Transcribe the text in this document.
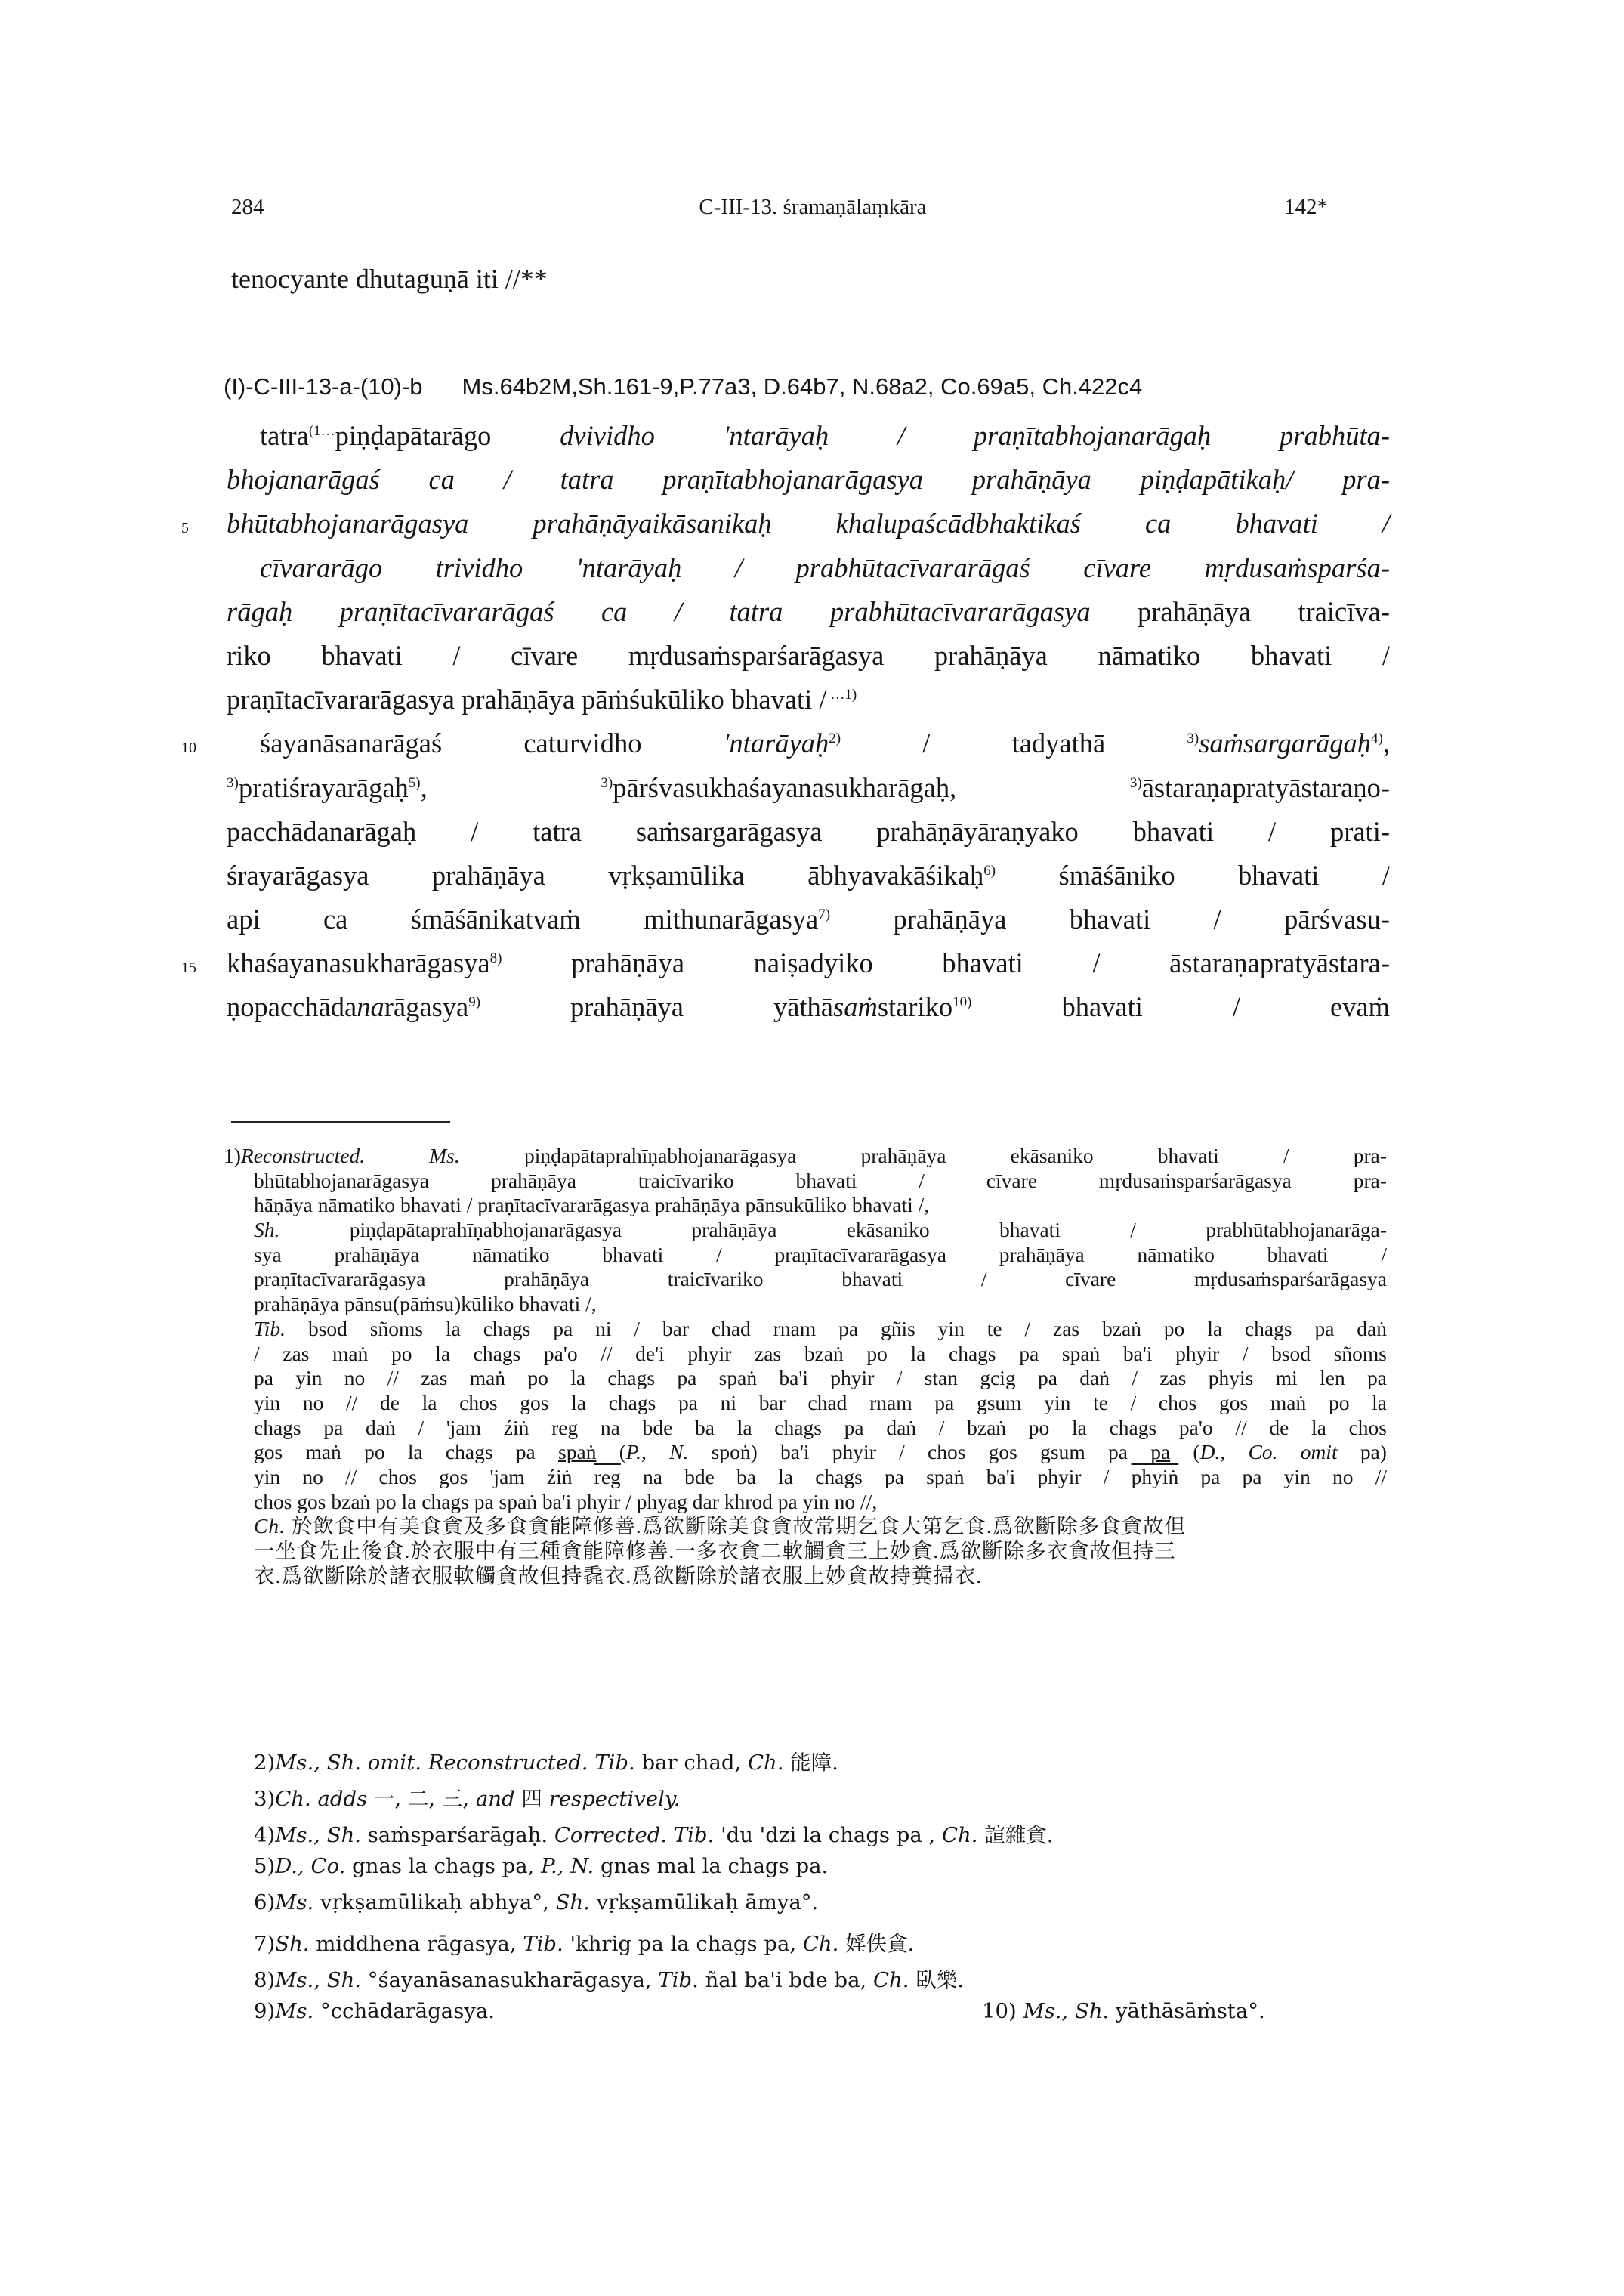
284	C-III-13. śramaṇālaṃkāra	142*
tenocyante dhutaguṇā iti //**
(I)-C-III-13-a-(10)-b Ms.64b2M,Sh.161-9,P.77a3, D.64b7, N.68a2, Co.69a5, Ch.422c4
tatra$^{(1\dots}$piṇḍapātarāgo dvividho 'ntarāyaḥ / praṇītabhojanarāgaḥ prabhūta-
bhojanarāgaś ca / tatra praṇītabhojanarāgasya prahāṇāya piṇḍapātikaḥ/ pra-
5 bhūtabhojanarāgasya prahāṇāyaikāsanikaḥ khalupaścādbhaktikaś ca bhavati /
cīvararāgo trividho 'ntarāyaḥ / prabhūtacīvararāgaś cīvare mṛdusaṁsparśa-
rāgaḥ praṇītacīvararāgaś ca / tatra prabhūtacīvararāgasya prahāṇāya traicīva-
riko bhavati / cīvare mṛdusaṁsparśarāgasya prahāṇāya nāmatiko bhavati /
praṇītacīvararāgasya prahāṇāya pāṁśukūliko bhavati / $^{\dots 1)}$
10 śayanāsanarāgaś caturvidho 'ntarāyaḥ$^{2)}$ / tadyathā $^{3)}$saṁsargarāgaḥ$^{4)}$,
$^{3)}$pratiśrayarāgaḥ$^{5)}$, $^{3)}$pārśvasukhaśayanasukharāgaḥ, $^{3)}$āstaraṇapratyāstaraṇo-
pacchādanarāgaḥ / tatra saṁsargarāgasya prahāṇāyāraṇyako bhavati / prati-
śrayarāgasya prahāṇāya vṛkṣamūlika ābhyavakāśikaḥ$^{6)}$ śmāśāniko bhavati /
api ca śmāśānikatvaṁ mithunarāgasya$^{7)}$ prahāṇāya bhavati / pārśvasu-
15 khaśayanasukharāgasya$^{8)}$ prahāṇāya naiṣadyiko bhavati / āstaraṇapratyāstara-
ṇopacchādanarāgasya$^{9)}$ prahāṇāya yāthāsaṁstariko$^{10)}$ bhavati / evaṁ
1)Reconstructed. Ms. piṇḍapātaprahīṇabhojanarāgasya prahāṇāya ekāsaniko bhavati / pra-
bhūtabhojanarāgasya prahāṇāya traicīvariko bhavati / cīvare mṛdusaṁsparśarāgasya pra-
hāṇāya nāmatiko bhavati / praṇītacīvararāgasya prahāṇāya pānsukūliko bhavati /,
Sh. piṇḍapātaprahīṇabhojanarāgasya prahāṇāya ekāsaniko bhavati / prabhūtabhojanarāga-
sya prahāṇāya nāmatiko bhavati / praṇītacīvararāgasya prahāṇāya nāmatiko bhavati /
praṇītacīvararāgasya prahāṇāya traicīvariko bhavati / cīvare mṛdusaṁsparśarāgasya
prahāṇāya pānsu(pāṁsu)kūliko bhavati /,
Tib. bsod sñoms la chags pa ni / bar chad rnam pa gñis yin te / zas bzaṅ po la chags pa daṅ
/ zas maṅ po la chags pa'o // de'i phyir zas bzaṅ po la chags pa spaṅ ba'i phyir / bsod sñoms
pa yin no // zas maṅ po la chags pa spaṅ ba'i phyir / stan gcig pa daṅ / zas phyis mi len pa
yin no // de la chos gos la chags pa ni bar chad rnam pa gsum yin te / chos gos maṅ po la
chags pa daṅ / 'jam źiṅ reg na bde ba la chags pa daṅ / bzaṅ po la chags pa'o // de la chos
gos maṅ po la chags pa spaṅ (P., N. spoṅ) ba'i phyir / chos gos gsum pa pa (D., Co. omit pa)
yin no // chos gos 'jam źiṅ $\overline{reg}$ na bde ba la chags pa spaṅ ba'i phyir / phyiṅ pa pa yin no //
chos gos bzaṅ po la chags pa spaṅ ba'i phyir / phyag dar khrod pa yin no //,
Ch. 於飲食中有美食貪及多食貪能障修善.爲欲斷除美食貪故常期乞食大第乞食.爲欲斷除多食貪故但
一坐食先止後食.於衣服中有三種貪能障修善.一多衣貪二軟觸貪三上妙貪.爲欲斷除多衣貪故但持三
衣.爲欲斷除於諸衣服軟觸貪故但持毳衣.爲欲斷除於諸衣服上妙貪故持糞掃衣.
2)Ms., Sh. omit. Reconstructed. Tib. bar chad, Ch. 能障.
3)Ch. adds 一, 二, 三, and 四 respectively.
4)Ms., Sh. saṁsparśarāgaḥ. Corrected. Tib. 'du 'dzi la chags pa , Ch. 諠雜貪.
5)D., Co. gnas la chags pa, P., N. gnas mal la chags pa.
6)Ms. vṛkṣamūlikaḥ abhya°, Sh. vṛkṣamūlikaḥ āmya°.
7)Sh. middhena rāgasya, Tib. 'khrig pa la chags pa, Ch. 婬佚貪.
8)Ms., Sh. °śayanāsanasukharāgasya, Tib. ñal ba'i bde ba, Ch. 臥樂.
9)Ms. °cchādarāgasya.	10) Ms., Sh. yāthāsāṁsta°.
